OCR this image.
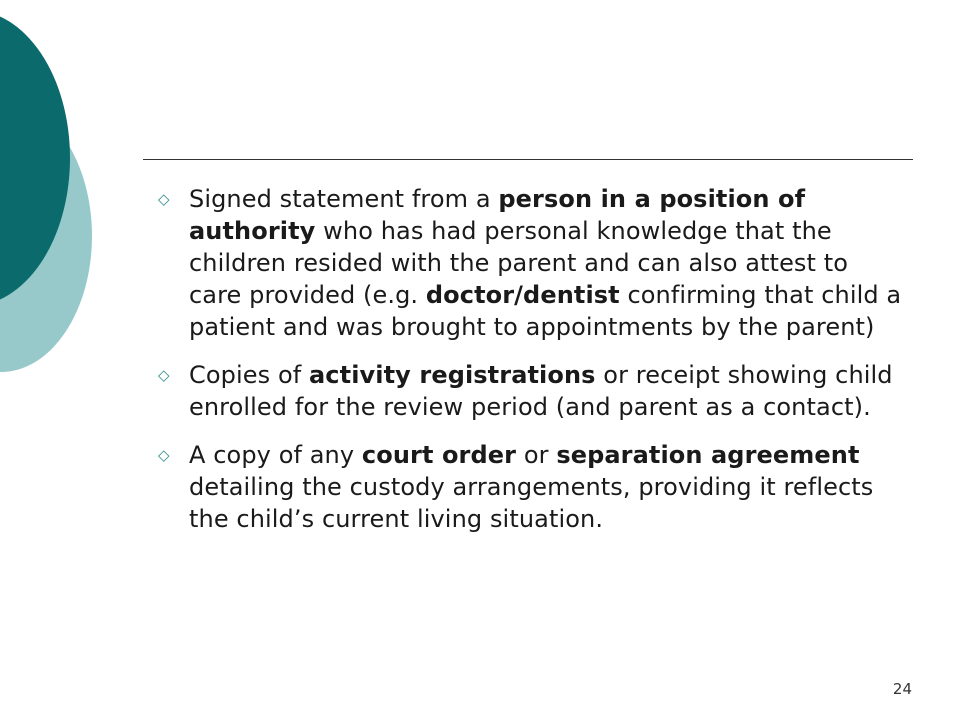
◇ Signed statement from a person in a position of authority who has had personal knowledge that the children resided with the parent and can also attest to care provided (e.g. doctor/dentist confirming that child a patient and was brought to appointments by the parent)
◇ Copies of activity registrations or receipt showing child enrolled for the review period (and parent as a contact).
◇ A copy of any court order or separation agreement detailing the custody arrangements, providing it reflects the child’s current living situation.
24
